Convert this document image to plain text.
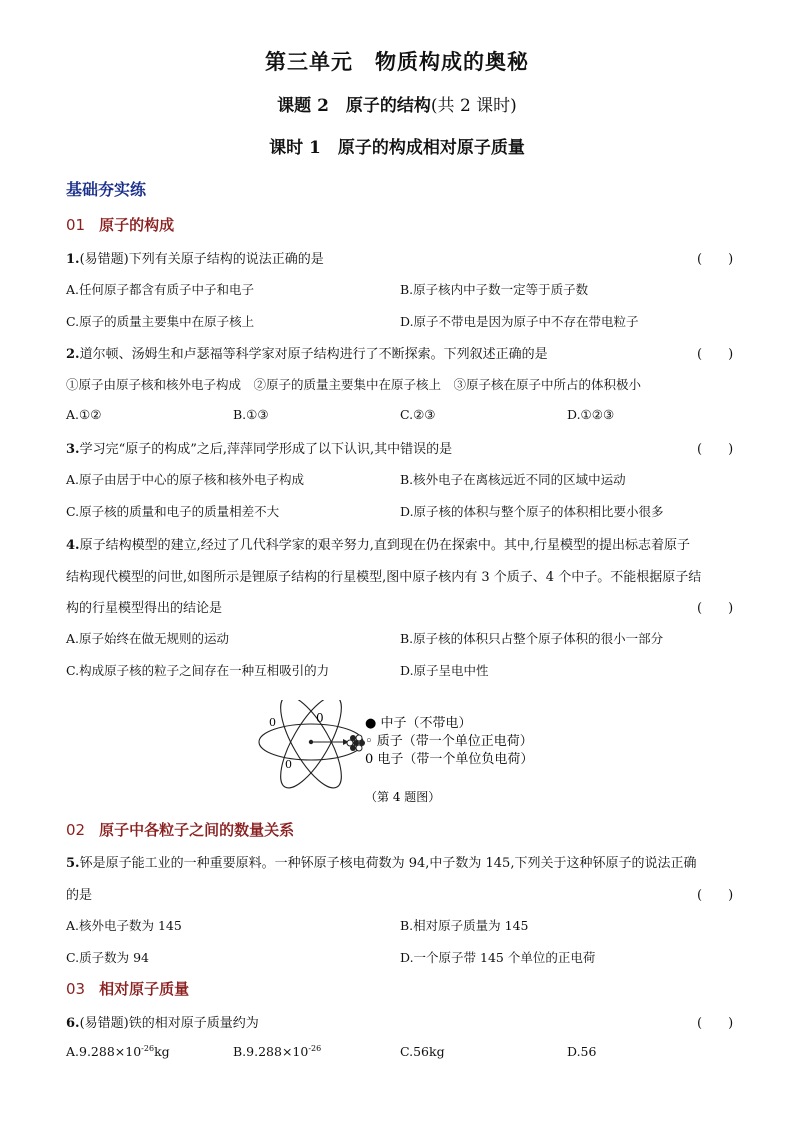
第三单元　物质构成的奥秘
课题 2　原子的结构(共 2 课时)
课时 1　原子的构成相对原子质量
基础夯实练
01 原子的构成
1.(易错题)下列有关原子结构的说法正确的是	(　　)
A.任何原子都含有质子中子和电子	B.原子核内中子数一定等于质子数
C.原子的质量主要集中在原子核上	D.原子不带电是因为原子中不存在带电粒子
2.道尔顿、汤姆生和卢瑟福等科学家对原子结构进行了不断探索。下列叙述正确的是	(　　)
①原子由原子核和核外电子构成　②原子的质量主要集中在原子核上　③原子核在原子中所占的体积极小
A.①②	B.①③	C.②③	D.①②③
3.学习完“原子的构成”之后,萍萍同学形成了以下认识,其中错误的是	(　　)
A.原子由居于中心的原子核和核外电子构成	B.核外电子在离核远近不同的区域中运动
C.原子核的质量和电子的质量相差不大	D.原子核的体积与整个原子的体积相比要小很多
4.原子结构模型的建立,经过了几代科学家的艰辛努力,直到现在仍在探索中。其中,行星模型的提出标志着原子
结构现代模型的问世,如图所示是锂原子结构的行星模型,图中原子核内有 3 个质子、4 个中子。不能根据原子结
构的行星模型得出的结论是	(　　)
A.原子始终在做无规则的运动	B.原子核的体积只占整个原子体积的很小一部分
C.构成原子核的粒子之间存在一种互相吸引的力	D.原子呈电中性
0
0
0	● 中子（不带电）
◦ 质子（带一个单位正电荷）
0 电子（带一个单位负电荷）
（第 4 题图）
02 原子中各粒子之间的数量关系
5.钚是原子能工业的一种重要原料。一种钚原子核电荷数为 94,中子数为 145,下列关于这种钚原子的说法正确
的是	(　　)
A.核外电子数为 145	B.相对原子质量为 145
C.质子数为 94	D.一个原子带 145 个单位的正电荷
03 相对原子质量
6.(易错题)铁的相对原子质量约为	(　　)
$A.9.288\times 10^{-26}kg$	$B.9.288\times 10^{-26}$	C.56kg	D.56
